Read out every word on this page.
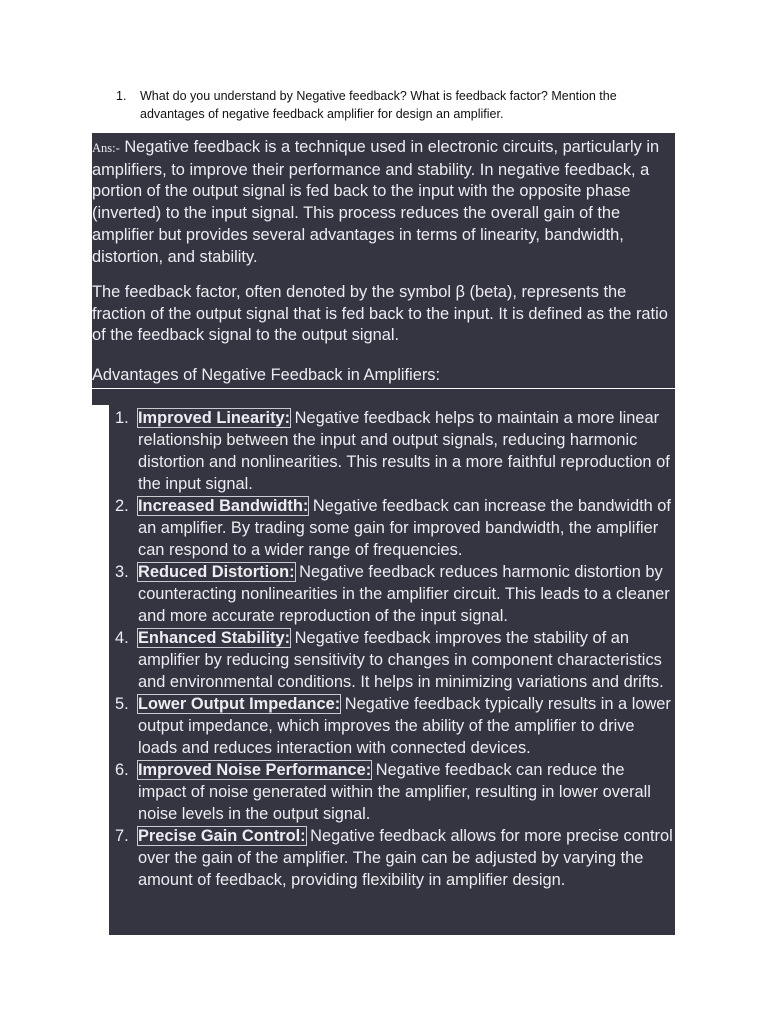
1. What do you understand by Negative feedback? What is feedback factor? Mention the advantages of negative feedback amplifier for design an amplifier.
Ans:- Negative feedback is a technique used in electronic circuits, particularly in amplifiers, to improve their performance and stability. In negative feedback, a portion of the output signal is fed back to the input with the opposite phase (inverted) to the input signal. This process reduces the overall gain of the amplifier but provides several advantages in terms of linearity, bandwidth, distortion, and stability.
The feedback factor, often denoted by the symbol β (beta), represents the fraction of the output signal that is fed back to the input. It is defined as the ratio of the feedback signal to the output signal.
Advantages of Negative Feedback in Amplifiers:
1. Improved Linearity: Negative feedback helps to maintain a more linear relationship between the input and output signals, reducing harmonic distortion and nonlinearities. This results in a more faithful reproduction of the input signal.
2. Increased Bandwidth: Negative feedback can increase the bandwidth of an amplifier. By trading some gain for improved bandwidth, the amplifier can respond to a wider range of frequencies.
3. Reduced Distortion: Negative feedback reduces harmonic distortion by counteracting nonlinearities in the amplifier circuit. This leads to a cleaner and more accurate reproduction of the input signal.
4. Enhanced Stability: Negative feedback improves the stability of an amplifier by reducing sensitivity to changes in component characteristics and environmental conditions. It helps in minimizing variations and drifts.
5. Lower Output Impedance: Negative feedback typically results in a lower output impedance, which improves the ability of the amplifier to drive loads and reduces interaction with connected devices.
6. Improved Noise Performance: Negative feedback can reduce the impact of noise generated within the amplifier, resulting in lower overall noise levels in the output signal.
7. Precise Gain Control: Negative feedback allows for more precise control over the gain of the amplifier. The gain can be adjusted by varying the amount of feedback, providing flexibility in amplifier design.
